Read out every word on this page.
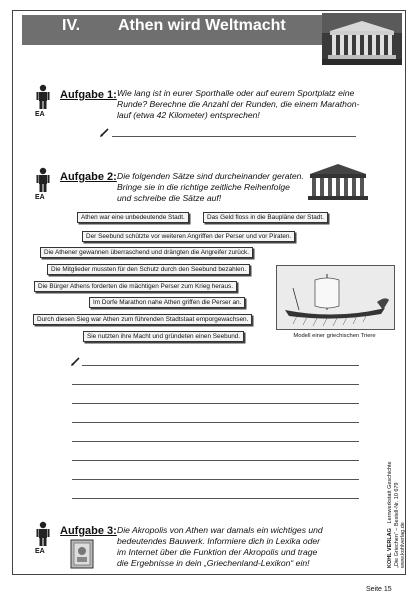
IV. Athen wird Weltmacht
EA
Aufgabe 1: Wie lang ist in eurer Sporthalle oder auf eurem Sportplatz eine
Runde? Berechne die Anzahl der Runden, die einem Marathon-
lauf (etwa 42 Kilometer) entsprechen!
EA
Aufgabe 2: Die folgenden Sätze sind durcheinander geraten.
Bringe sie in die richtige zeitliche Reihenfolge
und schreibe die Sätze auf!
Athen war eine unbedeutende Stadt.	Das Geld floss in die Baupläne der Stadt.
Der Seebund schützte vor weiteren Angriffen der Perser und vor Piraten.
Die Athener gewannen überraschend und drängten die Angreifer zurück.
Die Mitglieder mussten für den Schutz durch den Seebund bezahlen.
Die Bürger Athens forderten die mächtigen Perser zum Krieg heraus.
Im Dorfe Marathon nahe Athen griffen die Perser an.
Durch diesen Sieg war Athen zum führenden Stadtstaat emporgewachsen.
Sie nutzten ihre Macht und gründeten einen Seebund.	Modell einer griechischen Triere
EA
Aufgabe 3: Die Akropolis von Athen war damals ein wichtiges und
bedeutendes Bauwerk. Informiere dich in Lexika oder
im Internet über die Funktion der Akropolis und trage
die Ergebnisse in dein „Griechenland-Lexikon“ ein!	KOHL VERLAG   Lernwerkstatt Geschichte
„Die Griechen“ – Bestell-Nr. 10 679
www.kohlverlag.de
Seite 15
